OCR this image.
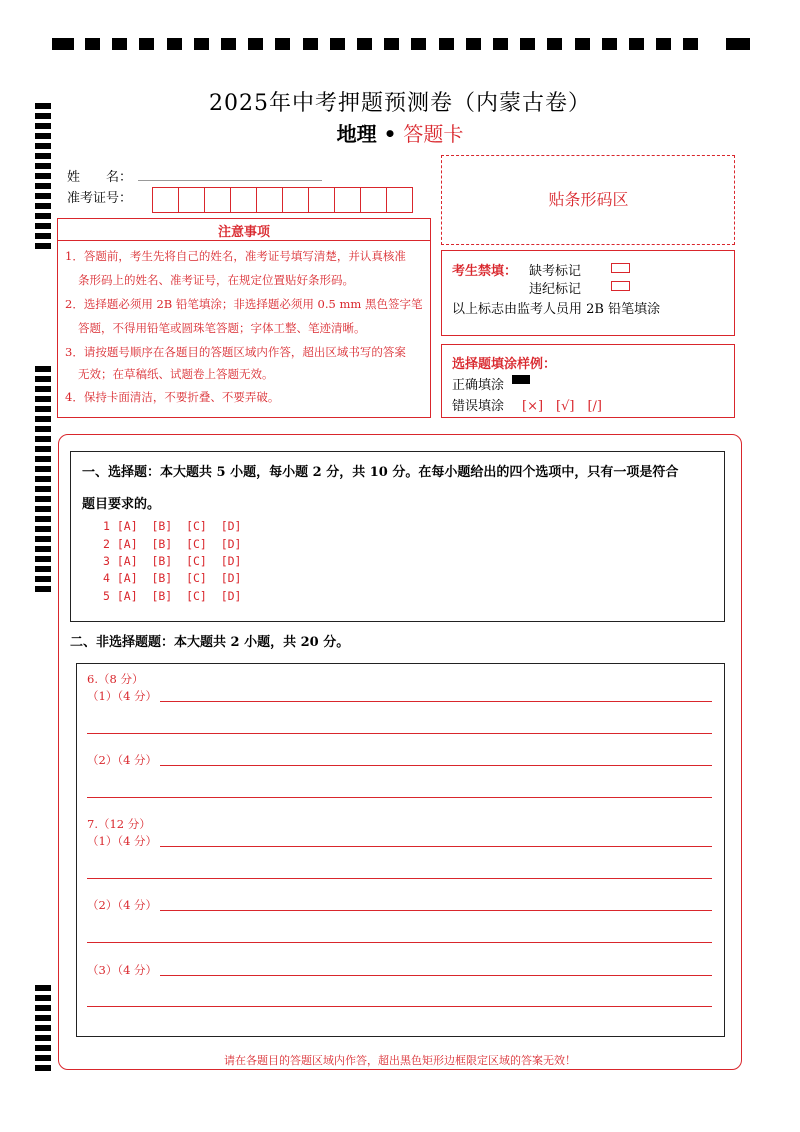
2025年中考押题预测卷（内蒙古卷）
地理 • 答题卡
姓　　名：
准考证号：	贴条形码区
注意事项
1．答题前，考生先将自己的姓名，准考证号填写清楚，并认真核准
条形码上的姓名、准考证号，在规定位置贴好条形码。
2．选择题必须用 2B 铅笔填涂；非选择题必须用 0.5 mm 黑色签字笔
答题，不得用铅笔或圆珠笔答题；字体工整、笔迹清晰。
3．请按题号顺序在各题目的答题区域内作答，超出区域书写的答案
无效；在草稿纸、试题卷上答题无效。
4．保持卡面清洁，不要折叠、不要弄破。
考生禁填： 缺考标记
违纪标记
以上标志由监考人员用 2B 铅笔填涂
选择题填涂样例：
正确填涂
错误填涂 [×]　[√]　[/]
一、选择题：本大题共 5 小题，每小题 2 分，共 10 分。在每小题给出的四个选项中，只有一项是符合
题目要求的。
1 [A]  [B]  [C]  [D]
2 [A]  [B]  [C]  [D]
3 [A]  [B]  [C]  [D]
4 [A]  [B]  [C]  [D]
5 [A]  [B]  [C]  [D]
二、非选择题题：本大题共 2 小题，共 20 分。
6.（8 分）
（1）（4 分）
（2）（4 分）
7.（12 分）
（1）（4 分）
（2）（4 分）
（3）（4 分）
请在各题目的答题区域内作答，超出黑色矩形边框限定区域的答案无效！
